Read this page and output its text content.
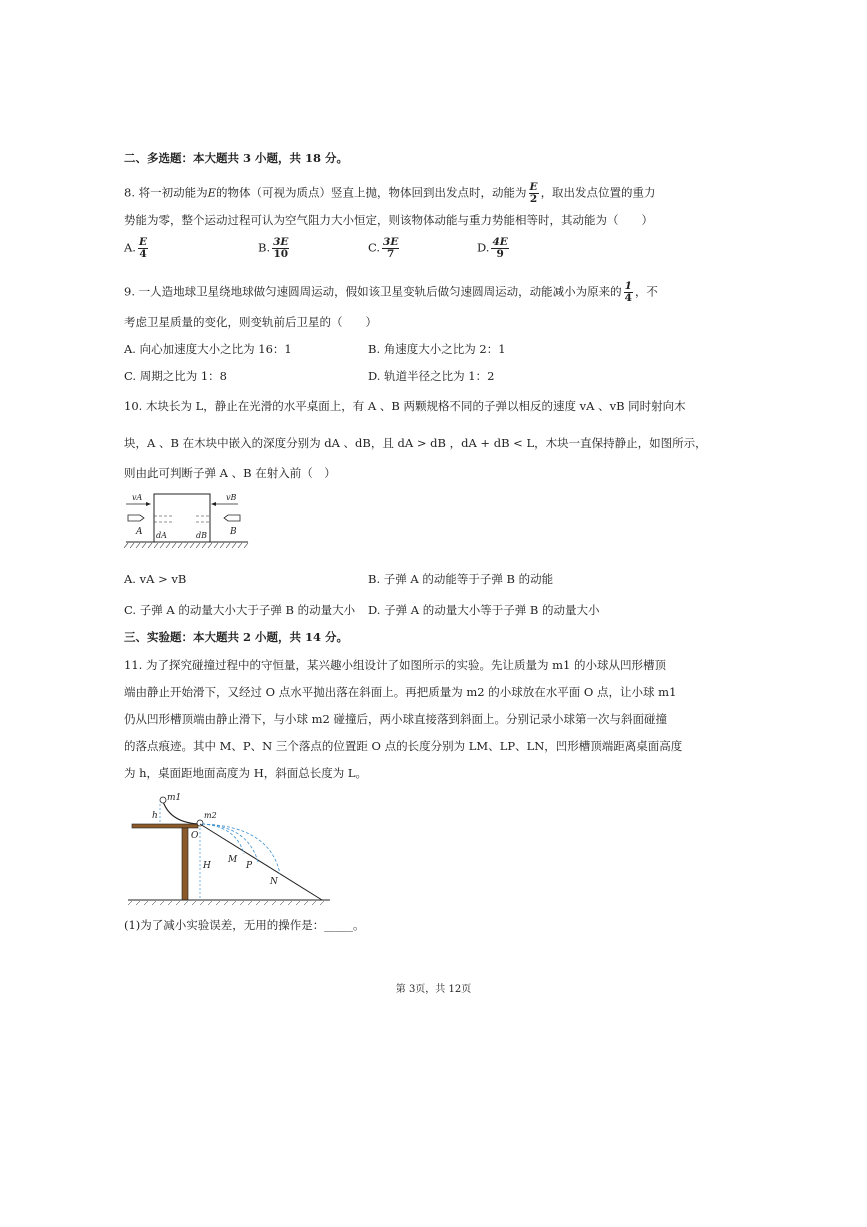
二、多选题：本大题共 3 小题，共 18 分。
8. 将一初动能为E的物体（可视为质点）竖直上抛，物体回到出发点时，动能为 $\frac{E}{2}$ ，取出发点位置的重力
势能为零，整个运动过程可认为空气阻力大小恒定，则该物体动能与重力势能相等时，其动能为（　　）
A. $\frac{E}{4}$	B. $\frac{3E}{10}$	C. $\frac{3E}{7}$	D. $\frac{4E}{9}$
9. 一人造地球卫星绕地球做匀速圆周运动，假如该卫星变轨后做匀速圆周运动，动能减小为原来的 $\frac{1}{4}$ ，不
考虑卫星质量的变化，则变轨前后卫星的（　　）
A. 向心加速度大小之比为 16：1	B. 角速度大小之比为 2：1
C. 周期之比为 1：8	D. 轨道半径之比为 1：2
10. 木块长为 L，静止在光滑的水平桌面上，有 A 、B 两颗规格不同的子弹以相反的速度 vA 、vB 同时射向木
块，A 、B 在木块中嵌入的深度分别为 dA 、dB，且 dA > dB ，dA + dB < L，木块一直保持静止，如图所示，
则由此可判断子弹 A 、B 在射入前（　）
vA	vB
A	B
dA	dB
A. vA > vB	B. 子弹 A 的动能等于子弹 B 的动能
C. 子弹 A 的动量大小大于子弹 B 的动量大小 D. 子弹 A 的动量大小等于子弹 B 的动量大小
三、实验题：本大题共 2 小题，共 14 分。
11. 为了探究碰撞过程中的守恒量，某兴趣小组设计了如图所示的实验。先让质量为 m1 的小球从凹形槽顶
端由静止开始滑下，又经过 O 点水平抛出落在斜面上。再把质量为 m2 的小球放在水平面 O 点，让小球 m1
仍从凹形槽顶端由静止滑下，与小球 m2 碰撞后，两小球直接落到斜面上。分别记录小球第一次与斜面碰撞
的落点痕迹。其中 M、P、N 三个落点的位置距 O 点的长度分别为 LM、LP、LN，凹形槽顶端距离桌面高度
为 h，桌面距地面高度为 H，斜面总长度为 L。
m1
m2
h
O
H
M
P
N
(1)为了减小实验误差，无用的操作是：_____。
第 3页，共 12页
